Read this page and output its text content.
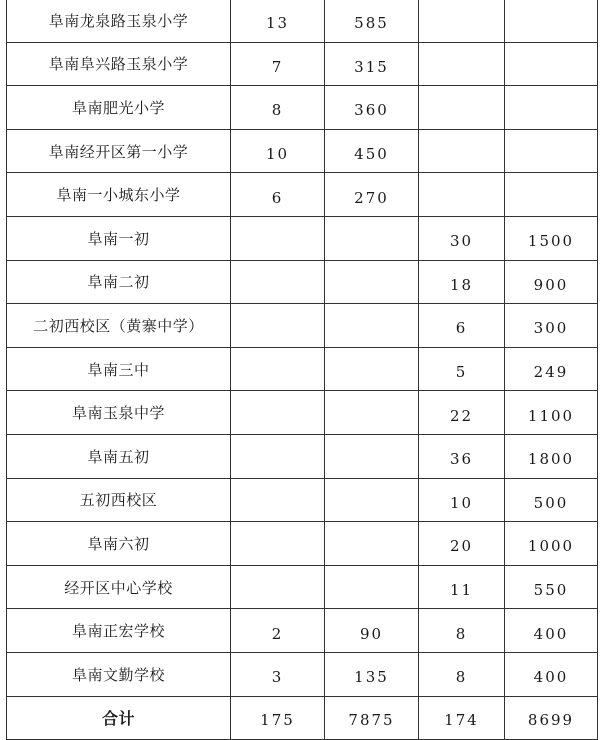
阜南龙泉路玉泉小学	13	585		
阜南阜兴路玉泉小学	7	315		
阜南肥光小学	8	360		
阜南经开区第一小学	10	450		
阜南一小城东小学	6	270		
阜南一初			30	1500
阜南二初			18	900
二初西校区（黄寨中学）			6	300
阜南三中			5	249
阜南玉泉中学			22	1100
阜南五初			36	1800
五初西校区			10	500
阜南六初			20	1000
经开区中心学校			11	550
阜南正宏学校	2	90	8	400
阜南文勤学校	3	135	8	400
合计	175	7875	174	8699
